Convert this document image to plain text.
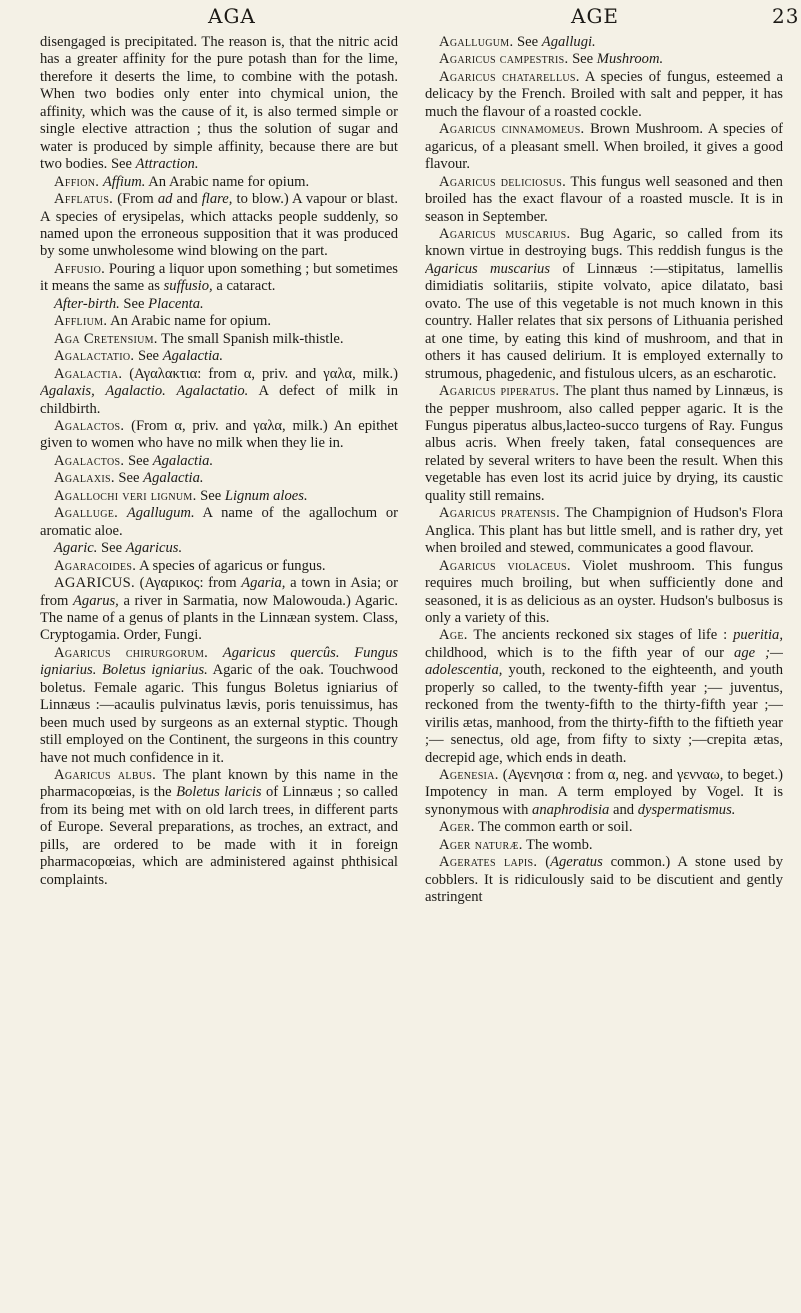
AGA	AGE	23

disengaged is precipitated. The reason is, that the nitric acid has a greater affinity for the pure potash than for the lime, therefore it deserts the lime, to combine with the potash. When two bodies only enter into chymical union, the affinity, which was the cause of it, is also termed simple or single elective attraction ; thus the solution of sugar and water is produced by simple affinity, because there are but two bodies. See Attraction.

Affion. Affium. An Arabic name for opium.

Afflatus. (From ad and flare, to blow.) A vapour or blast. A species of erysipelas, which attacks people suddenly, so named upon the erroneous supposition that it was produced by some unwholesome wind blowing on the part.

Affusio. Pouring a liquor upon something ; but sometimes it means the same as suffusio, a cataract.

After-birth. See Placenta.

Afflium. An Arabic name for opium.

Aga Cretensium. The small Spanish milk-thistle.

Agalactatio. See Agalactia.

Agalactia. (Αγαλακτια: from α, priv. and γαλα, milk.) Agalaxis, Agalactio. Agalactatio. A defect of milk in childbirth.

Agalactos. (From α, priv. and γαλα, milk.) An epithet given to women who have no milk when they lie in.

Agalactos. See Agalactia.

Agalaxis. See Agalactia.

Agallochi veri lignum. See Lignum aloes.

Agalluge. Agallugum. A name of the agallochum or aromatic aloe.

Agaric. See Agaricus.

Agaracoides. A species of agaricus or fungus.

AGARICUS. (Αγαρικος: from Agaria, a town in Asia; or from Agarus, a river in Sarmatia, now Malowouda.) Agaric. The name of a genus of plants in the Linnæan system. Class, Cryptogamia. Order, Fungi.

Agaricus chirurgorum. Agaricus quercûs. Fungus igniarius. Boletus igniarius. Agaric of the oak. Touchwood boletus. Female agaric. This fungus Boletus igniarius of Linnæus :—acaulis pulvinatus lævis, poris tenuissimus, has been much used by surgeons as an external styptic. Though still employed on the Continent, the surgeons in this country have not much confidence in it.

Agaricus albus. The plant known by this name in the pharmacopœias, is the Boletus laricis of Linnæus ; so called from its being met with on old larch trees, in different parts of Europe. Several preparations, as troches, an extract, and pills, are ordered to be made with it in foreign pharmacopœias, which are administered against phthisical complaints.

Agallugum. See Agallugi.

Agaricus campestris. See Mushroom.

Agaricus chatarellus. A species of fungus, esteemed a delicacy by the French. Broiled with salt and pepper, it has much the flavour of a roasted cockle.

Agaricus cinnamomeus. Brown Mushroom. A species of agaricus, of a pleasant smell. When broiled, it gives a good flavour.

Agaricus deliciosus. This fungus well seasoned and then broiled has the exact flavour of a roasted muscle. It is in season in September.

Agaricus muscarius. Bug Agaric, so called from its known virtue in destroying bugs. This reddish fungus is the Agaricus muscarius of Linnæus :—stipitatus, lamellis dimidiatis solitariis, stipite volvato, apice dilatato, basi ovato. The use of this vegetable is not much known in this country. Haller relates that six persons of Lithuania perished at one time, by eating this kind of mushroom, and that in others it has caused delirium. It is employed externally to strumous, phagedenic, and fistulous ulcers, as an escharotic.

Agaricus piperatus. The plant thus named by Linnæus, is the pepper mushroom, also called pepper agaric. It is the Fungus piperatus albus,lacteo-succo turgens of Ray. Fungus albus acris. When freely taken, fatal consequences are related by several writers to have been the result. When this vegetable has even lost its acrid juice by drying, its caustic quality still remains.

Agaricus pratensis. The Champignion of Hudson's Flora Anglica. This plant has but little smell, and is rather dry, yet when broiled and stewed, communicates a good flavour.

Agaricus violaceus. Violet mushroom. This fungus requires much broiling, but when sufficiently done and seasoned, it is as delicious as an oyster. Hudson's bulbosus is only a variety of this.

Age. The ancients reckoned six stages of life : pueritia, childhood, which is to the fifth year of our age ;—adolescentia, youth, reckoned to the eighteenth, and youth properly so called, to the twenty-fifth year ;— juventus, reckoned from the twenty-fifth to the thirty-fifth year ;—virilis ætas, manhood, from the thirty-fifth to the fiftieth year ;— senectus, old age, from fifty to sixty ;—crepita ætas, decrepid age, which ends in death.

Agenesia. (Αγενησια : from α, neg. and γενναω, to beget.) Impotency in man. A term employed by Vogel. It is synonymous with anaphrodisia and dyspermatismus.

Ager. The common earth or soil.

Ager naturæ. The womb.

Agerates lapis. (Ageratus common.) A stone used by cobblers. It is ridiculously said to be discutient and gently astringent
